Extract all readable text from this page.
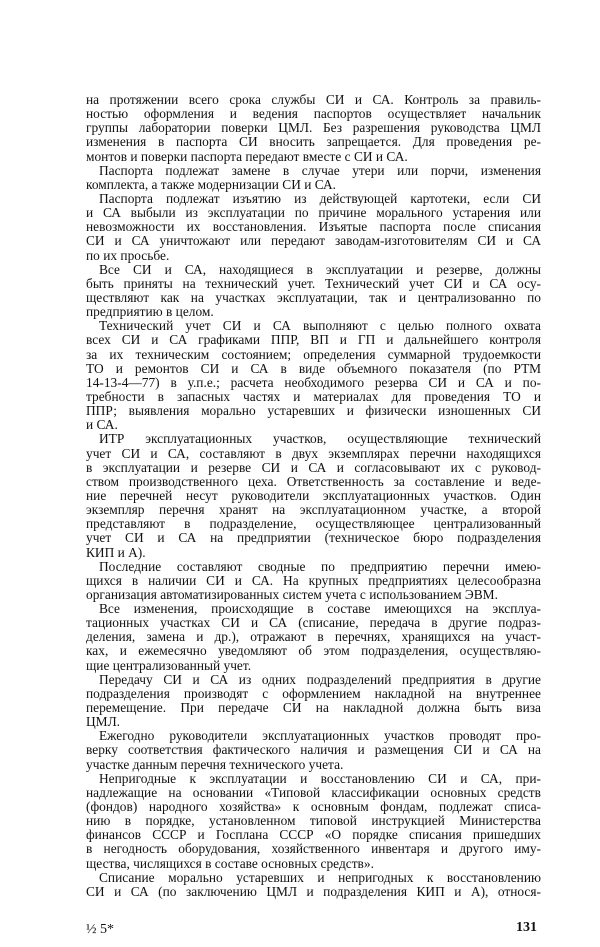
на протяжении всего срока службы СИ и СА. Контроль за правиль-
ностью оформления и ведения паспортов осуществляет начальник
группы лаборатории поверки ЦМЛ. Без разрешения руководства ЦМЛ
изменения в паспорта СИ вносить запрещается. Для проведения ре-
монтов и поверки паспорта передают вместе с СИ и СА.
Паспорта подлежат замене в случае утери или порчи, изменения
комплекта, а также модернизации СИ и СА.
Паспорта подлежат изъятию из действующей картотеки, если СИ
и СА выбыли из эксплуатации по причине морального устарения или
невозможности их восстановления. Изъятые паспорта после списания
СИ и СА уничтожают или передают заводам-изготовителям СИ и СА
по их просьбе.
Все СИ и СА, находящиеся в эксплуатации и резерве, должны
быть приняты на технический учет. Технический учет СИ и СА осу-
ществляют как на участках эксплуатации, так и централизованно по
предприятию в целом.
Технический учет СИ и СА выполняют с целью полного охвата
всех СИ и СА графиками ППР, ВП и ГП и дальнейшего контроля
за их техническим состоянием; определения суммарной трудоемкости
ТО и ремонтов СИ и СА в виде объемного показателя (по РТМ
14-13-4—77) в у.п.е.; расчета необходимого резерва СИ и СА и по-
требности в запасных частях и материалах для проведения ТО и
ППР; выявления морально устаревших и физически изношенных СИ
и СА.
ИТР эксплуатационных участков, осуществляющие технический
учет СИ и СА, составляют в двух экземплярах перечни находящихся
в эксплуатации и резерве СИ и СА и согласовывают их с руковод-
ством производственного цеха. Ответственность за составление и веде-
ние перечней несут руководители эксплуатационных участков. Один
экземпляр перечня хранят на эксплуатационном участке, а второй
представляют в подразделение, осуществляющее централизованный
учет СИ и СА на предприятии (техническое бюро подразделения
КИП и А).
Последние составляют сводные по предприятию перечни имею-
щихся в наличии СИ и СА. На крупных предприятиях целесообразна
организация автоматизированных систем учета с использованием ЭВМ.
Все изменения, происходящие в составе имеющихся на эксплуа-
тационных участках СИ и СА (списание, передача в другие подраз-
деления, замена и др.), отражают в перечнях, хранящихся на участ-
ках, и ежемесячно уведомляют об этом подразделения, осуществляю-
щие централизованный учет.
Передачу СИ и СА из одних подразделений предприятия в другие
подразделения производят с оформлением накладной на внутреннее
перемещение. При передаче СИ на накладной должна быть виза
ЦМЛ.
Ежегодно руководители эксплуатационных участков проводят про-
верку соответствия фактического наличия и размещения СИ и СА на
участке данным перечня технического учета.
Непригодные к эксплуатации и восстановлению СИ и СА, при-
надлежащие на основании «Типовой классификации основных средств
(фондов) народного хозяйства» к основным фондам, подлежат списа-
нию в порядке, установленном типовой инструкцией Министерства
финансов СССР и Госплана СССР «О порядке списания пришедших
в негодность оборудования, хозяйственного инвентаря и другого иму-
щества, числящихся в составе основных средств».
Списание морально устаревших и непригодных к восстановлению
СИ и СА (по заключению ЦМЛ и подразделения КИП и А), относя-
½ 5*	131
